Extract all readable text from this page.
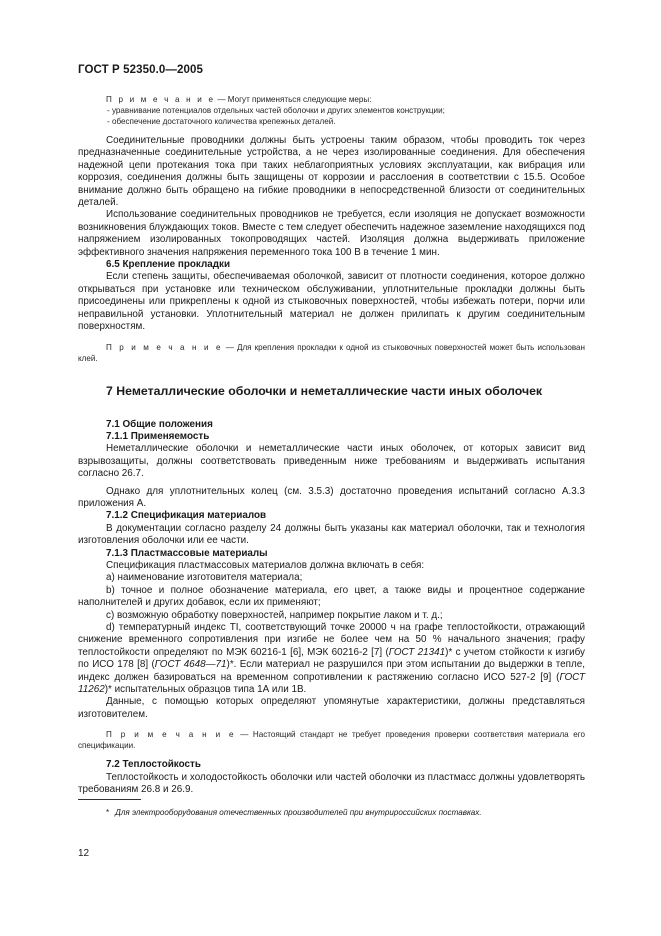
ГОСТ Р 52350.0—2005

П р и м е ч а н и е — Могут применяться следующие меры:

- уравнивание потенциалов отдельных частей оболочки и других элементов конструкции;

- обеспечение достаточного количества крепежных деталей.

Соединительные проводники должны быть устроены таким образом, чтобы проводить ток через предназначенные соединительные устройства, а не через изолированные соединения. Для обеспечения надежной цепи протекания тока при таких неблагоприятных условиях эксплуатации, как вибрация или коррозия, соединения должны быть защищены от коррозии и расслоения в соответствии с 15.5. Особое внимание должно быть обращено на гибкие проводники в непосредственной близости от соединительных деталей.

Использование соединительных проводников не требуется, если изоляция не допускает возможности возникновения блуждающих токов. Вместе с тем следует обеспечить надежное заземление находящихся под напряжением изолированных токопроводящих частей. Изоляция должна выдерживать приложение эффективного значения напряжения переменного тока 100 В в течение 1 мин.

6.5 Крепление прокладки

Если степень защиты, обеспечиваемая оболочкой, зависит от плотности соединения, которое должно открываться при установке или техническом обслуживании, уплотнительные прокладки должны быть присоединены или прикреплены к одной из стыковочных поверхностей, чтобы избежать потери, порчи или неправильной установки. Уплотнительный материал не должен прилипать к другим соединительным поверхностям.

П р и м е ч а н и е — Для крепления прокладки к одной из стыковочных поверхностей может быть использован клей.

7 Неметаллические оболочки и неметаллические части иных оболочек

7.1 Общие положения

7.1.1 Применяемость

Неметаллические оболочки и неметаллические части иных оболочек, от которых зависит вид взрывозащиты, должны соответствовать приведенным ниже требованиям и выдерживать испытания согласно 26.7.

Однако для уплотнительных колец (см. 3.5.3) достаточно проведения испытаний согласно А.3.3 приложения А.

7.1.2 Спецификация материалов

В документации согласно разделу 24 должны быть указаны как материал оболочки, так и технология изготовления оболочки или ее части.

7.1.3 Пластмассовые материалы

Спецификация пластмассовых материалов должна включать в себя:

a) наименование изготовителя материала;

b) точное и полное обозначение материала, его цвет, а также виды и процентное содержание наполнителей и других добавок, если их применяют;

c) возможную обработку поверхностей, например покрытие лаком и т. д.;

d) температурный индекс TI, соответствующий точке 20000 ч на графе теплостойкости, отражающий снижение временного сопротивления при изгибе не более чем на 50 % начального значения; графу теплостойкости определяют по МЭК 60216-1 [6], МЭК 60216-2 [7] (ГОСТ 21341)* с учетом стойкости к изгибу по ИСО 178 [8] (ГОСТ 4648—71)*. Если материал не разрушился при этом испытании до выдержки в тепле, индекс должен базироваться на временном сопротивлении к растяжению согласно ИСО 527-2 [9] (ГОСТ 11262)* испытательных образцов типа 1А или 1В.

Данные, с помощью которых определяют упомянутые характеристики, должны представляться изготовителем.

П р и м е ч а н и е — Настоящий стандарт не требует проведения проверки соответствия материала его спецификации.

7.2 Теплостойкость

Теплостойкость и холодостойкость оболочки или частей оболочки из пластмасс должны удовлетворять требованиям 26.8 и 26.9.

* Для электрооборудования отечественных производителей при внутрироссийских поставках.

12
